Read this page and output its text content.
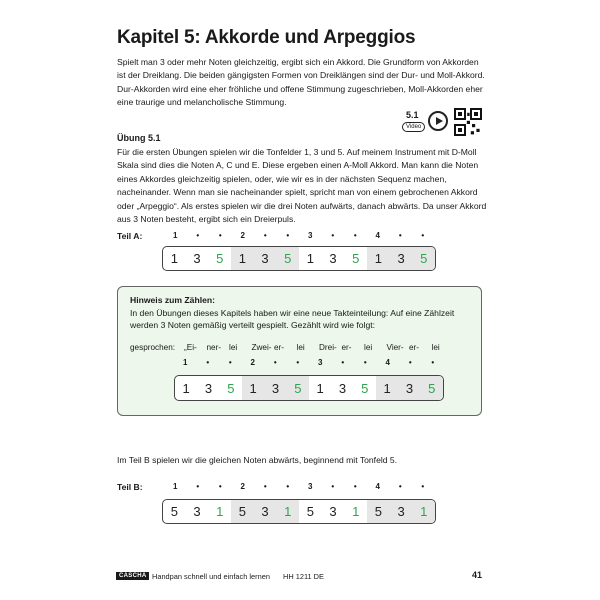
Kapitel 5: Akkorde und Arpeggios
Spielt man 3 oder mehr Noten gleichzeitig, ergibt sich ein Akkord. Die Grundform von Akkorden ist der Dreiklang. Die beiden gängigsten Formen von Dreiklängen sind der Dur- und Moll-Akkord. Dur-Akkorden wird eine eher fröhliche und offene Stimmung zugeschrieben, Moll-Akkorden eher eine traurige und melancholische Stimmung.
5.1
Video
Übung 5.1
Für die ersten Übungen spielen wir die Tonfelder 1, 3 und 5. Auf meinem Instrument mit D-Moll Skala sind dies die Noten A, C und E. Diese ergeben einen A-Moll Akkord. Man kann die Noten eines Akkordes gleichzeitig spielen, oder, wie wir es in der nächsten Sequenz machen, nacheinander. Wenn man sie nacheinander spielt, spricht man von einem gebrochenen Akkord oder „Arpeggio“. Als erstes spielen wir die drei Noten aufwärts, danach abwärts. Da unser Akkord aus 3 Noten besteht, ergibt sich ein Dreierpuls.
Teil A:	1	•	•	2	•	•	3	•	•	4	•	•
1	3	5	1	3	5	1	3	5	1	3	5
Hinweis zum Zählen:
In den Übungen dieses Kapitels haben wir eine neue Takteinteilung: Auf eine Zählzeit werden 3 Noten gemäßig verteilt gespielt. Gezählt wird wie folgt:
gesprochen: „Ei- ner- lei Zwei- er- lei Drei- er- lei Vier- er- lei
1	•	•	2	•	•	3	•	•	4	•	•
1	3	5	1	3	5	1	3	5	1	3	5
Im Teil B spielen wir die gleichen Noten abwärts, beginnend mit Tonfeld 5.
Teil B:	1	•	•	2	•	•	3	•	•	4	•	•
5	3	1	5	3	1	5	3	1	5	3	1
CASCHA Handpan schnell und einfach lernen HH 1211 DE	41
